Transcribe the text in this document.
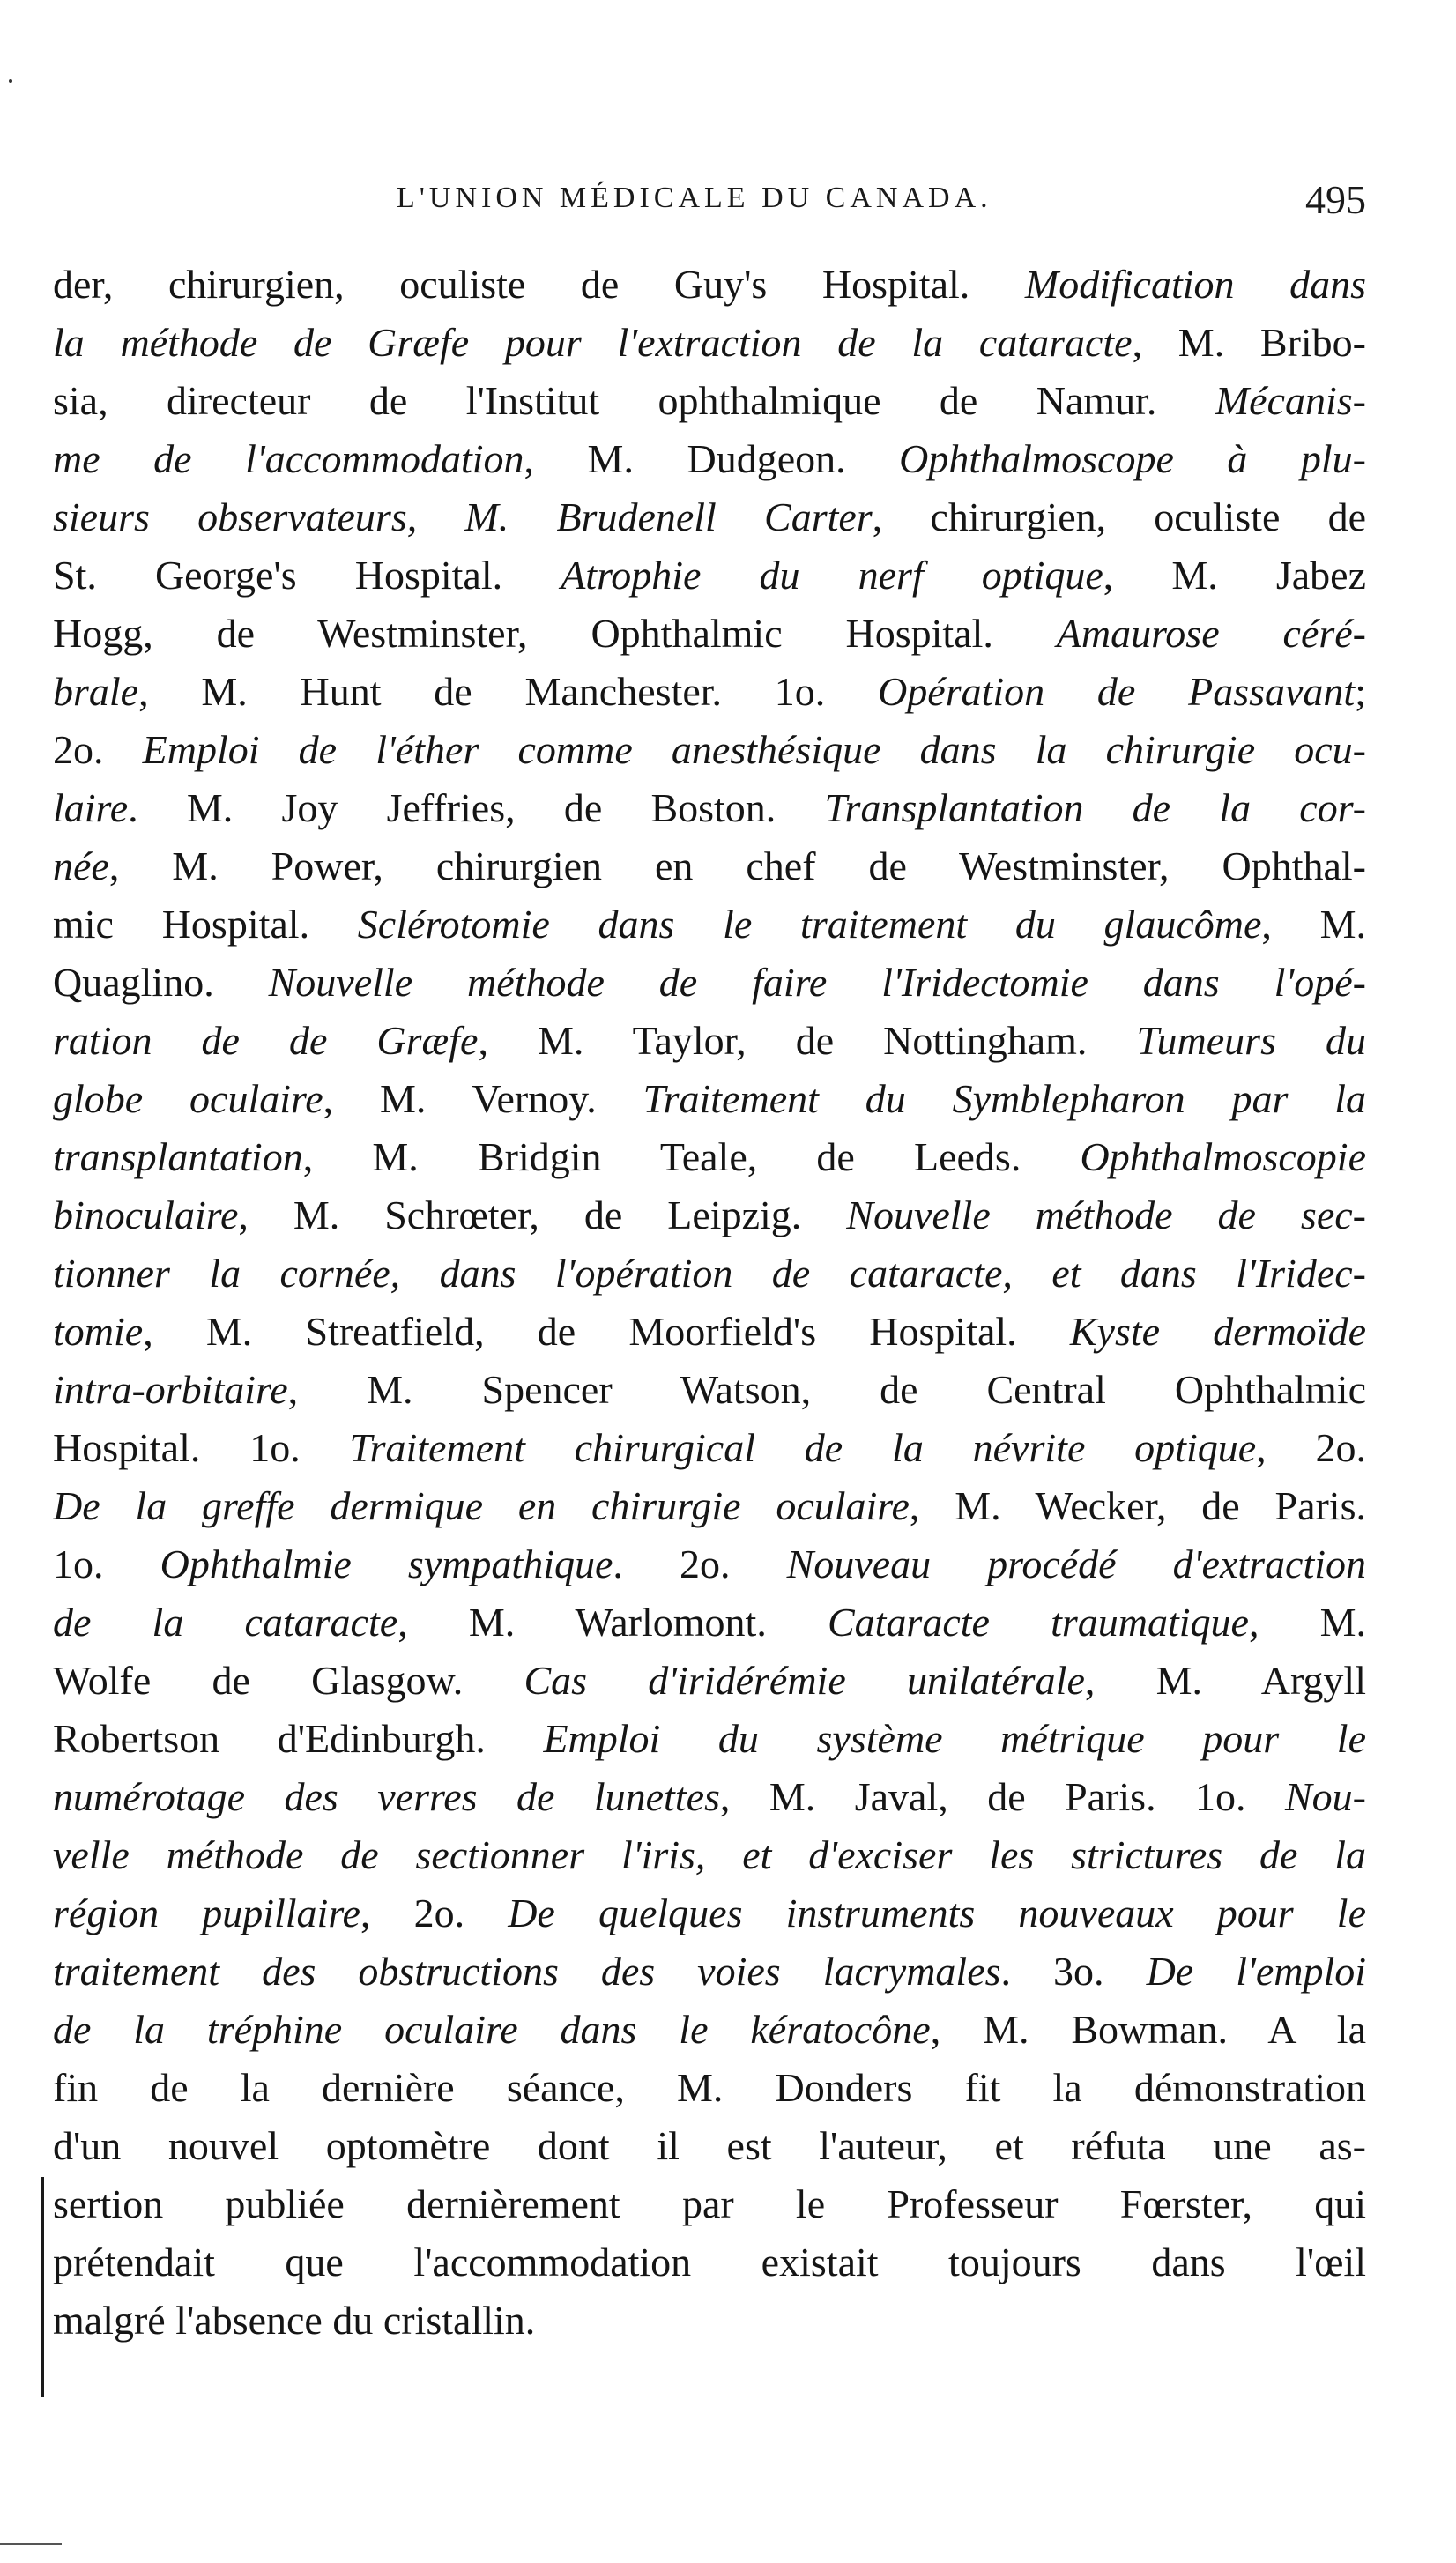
L'UNION MÉDICALE DU CANADA.	495
der, chirurgien, oculiste de Guy's Hospital. Modification dans
la méthode de Græfe pour l'extraction de la cataracte, M. Bribo-
sia, directeur de l'Institut ophthalmique de Namur. Mécanis-
me de l'accommodation, M. Dudgeon. Ophthalmoscope à plu-
sieurs observateurs, M. Brudenell Carter, chirurgien, oculiste de
St. George's Hospital. Atrophie du nerf optique, M. Jabez
Hogg, de Westminster, Ophthalmic Hospital. Amaurose céré-
brale, M. Hunt de Manchester. 1o. Opération de Passavant;
2o. Emploi de l'éther comme anesthésique dans la chirurgie ocu-
laire. M. Joy Jeffries, de Boston. Transplantation de la cor-
née, M. Power, chirurgien en chef de Westminster, Ophthal-
mic Hospital. Sclérotomie dans le traitement du glaucôme, M.
Quaglino. Nouvelle méthode de faire l'Iridectomie dans l'opé-
ration de de Græfe, M. Taylor, de Nottingham. Tumeurs du
globe oculaire, M. Vernoy. Traitement du Symblepharon par la
transplantation, M. Bridgin Teale, de Leeds. Ophthalmoscopie
binoculaire, M. Schrœter, de Leipzig. Nouvelle méthode de sec-
tionner la cornée, dans l'opération de cataracte, et dans l'Iridec-
tomie, M. Streatfield, de Moorfield's Hospital. Kyste dermoïde
intra-orbitaire, M. Spencer Watson, de Central Ophthalmic
Hospital. 1o. Traitement chirurgical de la névrite optique, 2o.
De la greffe dermique en chirurgie oculaire, M. Wecker, de Paris.
1o. Ophthalmie sympathique. 2o. Nouveau procédé d'extraction
de la cataracte, M. Warlomont. Cataracte traumatique, M.
Wolfe de Glasgow. Cas d'iridérémie unilatérale, M. Argyll
Robertson d'Edinburgh. Emploi du système métrique pour le
numérotage des verres de lunettes, M. Javal, de Paris. 1o. Nou-
velle méthode de sectionner l'iris, et d'exciser les strictures de la
région pupillaire, 2o. De quelques instruments nouveaux pour le
traitement des obstructions des voies lacrymales. 3o. De l'emploi
de la tréphine oculaire dans le kératocône, M. Bowman. A la
fin de la dernière séance, M. Donders fit la démonstration
d'un nouvel optomètre dont il est l'auteur, et réfuta une as-
sertion publiée dernièrement par le Professeur Fœrster, qui
prétendait que l'accommodation existait toujours dans l'œil
malgré l'absence du cristallin.
